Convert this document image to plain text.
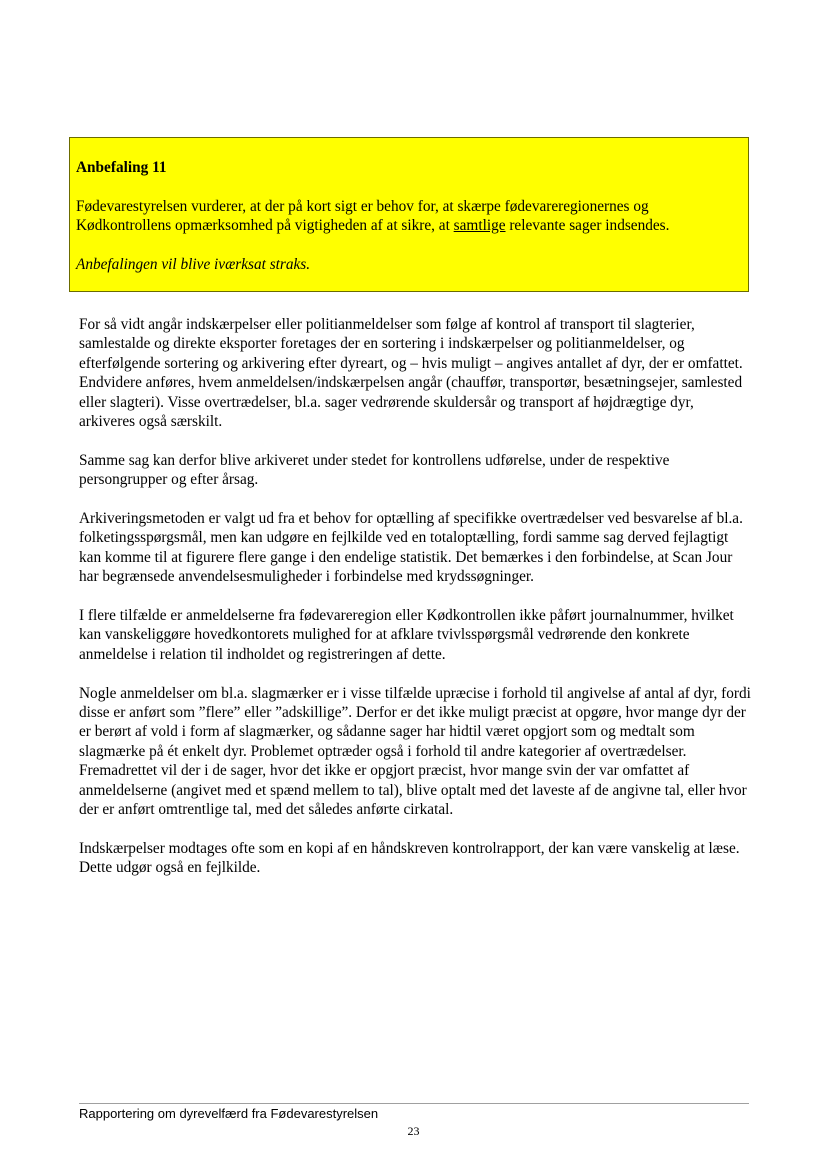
Anbefaling 11

Fødevarestyrelsen vurderer, at der på kort sigt er behov for, at skærpe fødevareregionernes og Kødkontrollens opmærksomhed på vigtigheden af at sikre, at samtlige relevante sager indsendes.

Anbefalingen vil blive iværksat straks.

For så vidt angår indskærpelser eller politianmeldelser som følge af kontrol af transport til slagterier, samlestalde og direkte eksporter foretages der en sortering i indskærpelser og politianmeldelser, og efterfølgende sortering og arkivering efter dyreart, og – hvis muligt – angives antallet af dyr, der er omfattet. Endvidere anføres, hvem anmeldelsen/indskærpelsen angår (chauffør, transportør, besætningsejer, samlested eller slagteri). Visse overtrædelser, bl.a. sager vedrørende skuldersår og transport af højdrægtige dyr, arkiveres også særskilt.

Samme sag kan derfor blive arkiveret under stedet for kontrollens udførelse, under de respektive persongrupper og efter årsag.

Arkiveringsmetoden er valgt ud fra et behov for optælling af specifikke overtrædelser ved besvarelse af bl.a. folketingsspørgsmål, men kan udgøre en fejlkilde ved en totaloptælling, fordi samme sag derved fejlagtigt kan komme til at figurere flere gange i den endelige statistik. Det bemærkes i den forbindelse, at Scan Jour har begrænsede anvendelsesmuligheder i forbindelse med krydssøgninger.

I flere tilfælde er anmeldelserne fra fødevareregion eller Kødkontrollen ikke påført journalnummer, hvilket kan vanskeliggøre hovedkontorets mulighed for at afklare tvivlsspørgsmål vedrørende den konkrete anmeldelse i relation til indholdet og registreringen af dette.

Nogle anmeldelser om bl.a. slagmærker er i visse tilfælde upræcise i forhold til angivelse af antal af dyr, fordi disse er anført som ”flere” eller ”adskillige”. Derfor er det ikke muligt præcist at opgøre, hvor mange dyr der er berørt af vold i form af slagmærker, og sådanne sager har hidtil været opgjort som og medtalt som slagmærke på ét enkelt dyr. Problemet optræder også i forhold til andre kategorier af overtrædelser. Fremadrettet vil der i de sager, hvor det ikke er opgjort præcist, hvor mange svin der var omfattet af anmeldelserne (angivet med et spænd mellem to tal), blive optalt med det laveste af de angivne tal, eller hvor der er anført omtrentlige tal, med det således anførte cirkatal.

Indskærpelser modtages ofte som en kopi af en håndskreven kontrolrapport, der kan være vanskelig at læse. Dette udgør også en fejlkilde.

Rapportering om dyrevelfærd fra Fødevarestyrelsen
23
